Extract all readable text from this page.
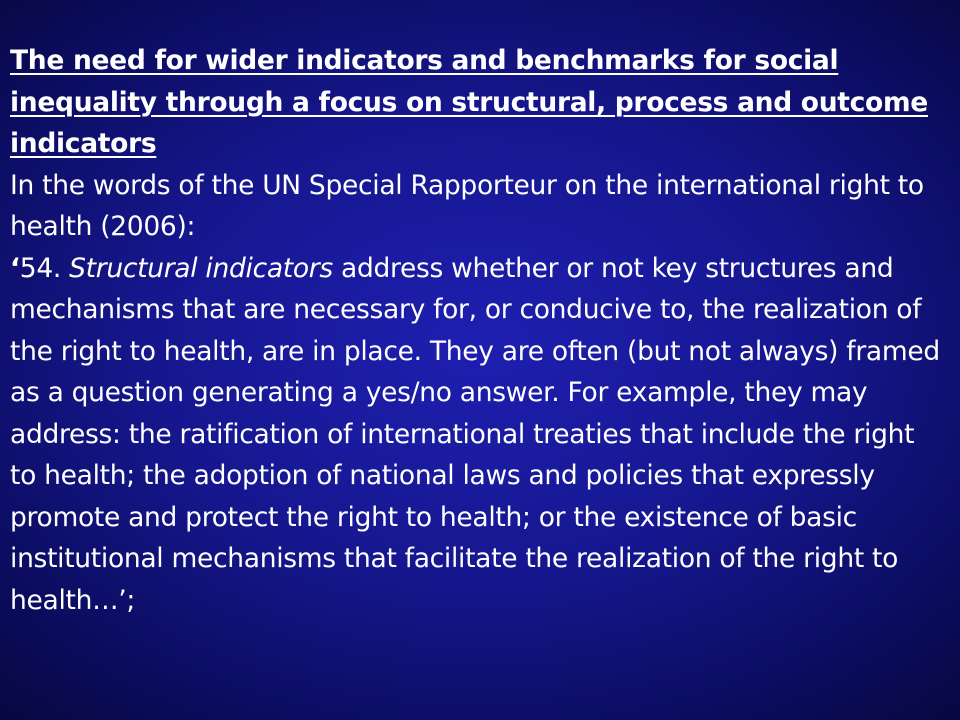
The need for wider indicators and benchmarks for social inequality through a focus on structural, process and outcome indicators

In the words of the UN Special Rapporteur on the international right to health (2006):

‘54. Structural indicators address whether or not key structures and mechanisms that are necessary for, or conducive to, the realization of the right to health, are in place. They are often (but not always) framed as a question generating a yes/no answer. For example, they may address: the ratification of international treaties that include the right to health; the adoption of national laws and policies that expressly promote and protect the right to health; or the existence of basic institutional mechanisms that facilitate the realization of the right to health…’;
